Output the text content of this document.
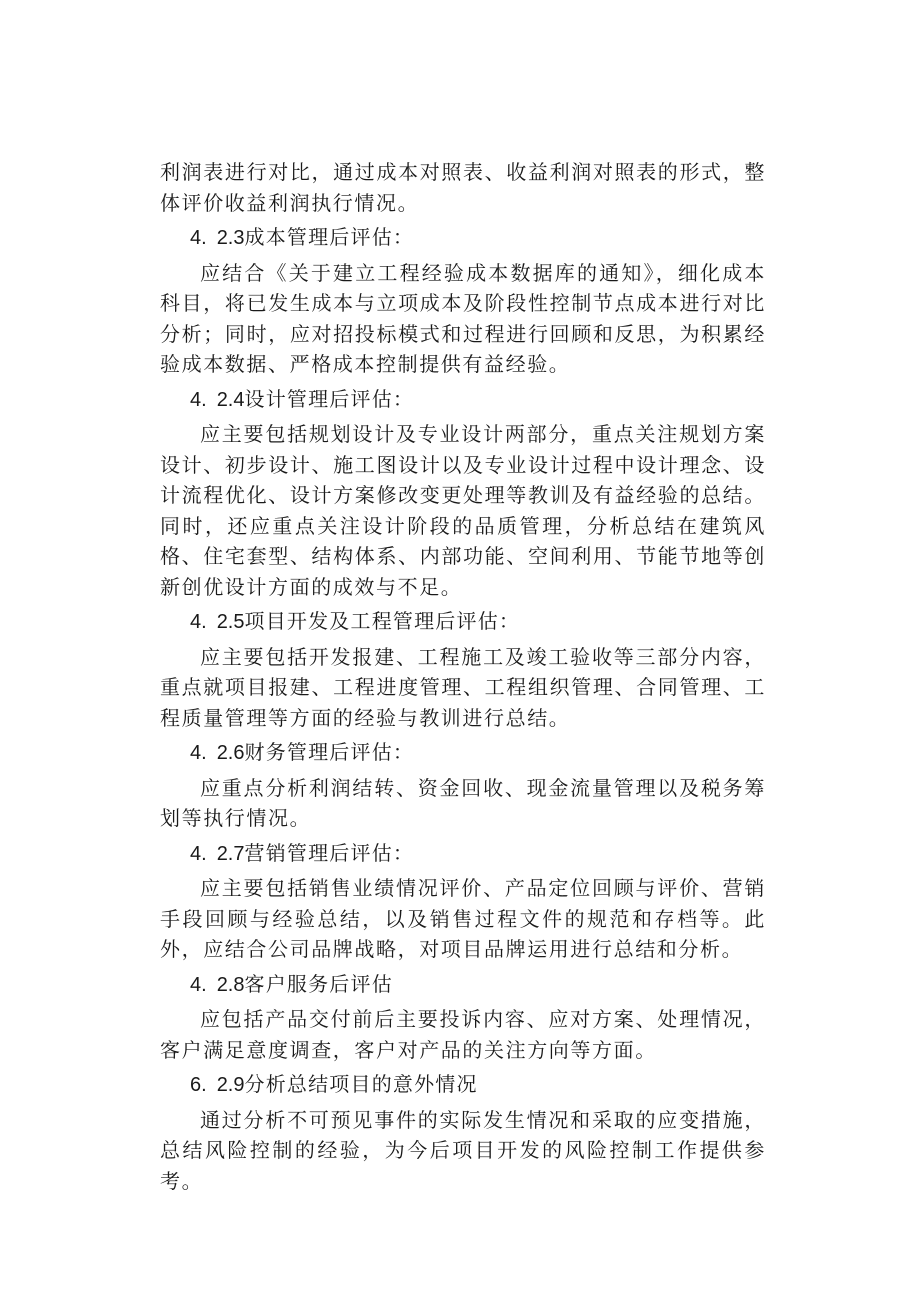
利润表进行对比，通过成本对照表、收益利润对照表的形式，整体评价收益利润执行情况。

4. 2.3成本管理后评估：

应结合《关于建立工程经验成本数据库的通知》，细化成本科目，将已发生成本与立项成本及阶段性控制节点成本进行对比分析；同时，应对招投标模式和过程进行回顾和反思，为积累经验成本数据、严格成本控制提供有益经验。

4. 2.4设计管理后评估：

应主要包括规划设计及专业设计两部分，重点关注规划方案设计、初步设计、施工图设计以及专业设计过程中设计理念、设计流程优化、设计方案修改变更处理等教训及有益经验的总结。同时，还应重点关注设计阶段的品质管理，分析总结在建筑风格、住宅套型、结构体系、内部功能、空间利用、节能节地等创新创优设计方面的成效与不足。

4. 2.5项目开发及工程管理后评估：

应主要包括开发报建、工程施工及竣工验收等三部分内容，重点就项目报建、工程进度管理、工程组织管理、合同管理、工程质量管理等方面的经验与教训进行总结。

4. 2.6财务管理后评估：

应重点分析利润结转、资金回收、现金流量管理以及税务筹划等执行情况。

4. 2.7营销管理后评估：

应主要包括销售业绩情况评价、产品定位回顾与评价、营销手段回顾与经验总结，以及销售过程文件的规范和存档等。此外，应结合公司品牌战略，对项目品牌运用进行总结和分析。

4. 2.8客户服务后评估

应包括产品交付前后主要投诉内容、应对方案、处理情况，客户满足意度调查，客户对产品的关注方向等方面。

6. 2.9分析总结项目的意外情况

通过分析不可预见事件的实际发生情况和采取的应变措施，总结风险控制的经验，为今后项目开发的风险控制工作提供参考。
